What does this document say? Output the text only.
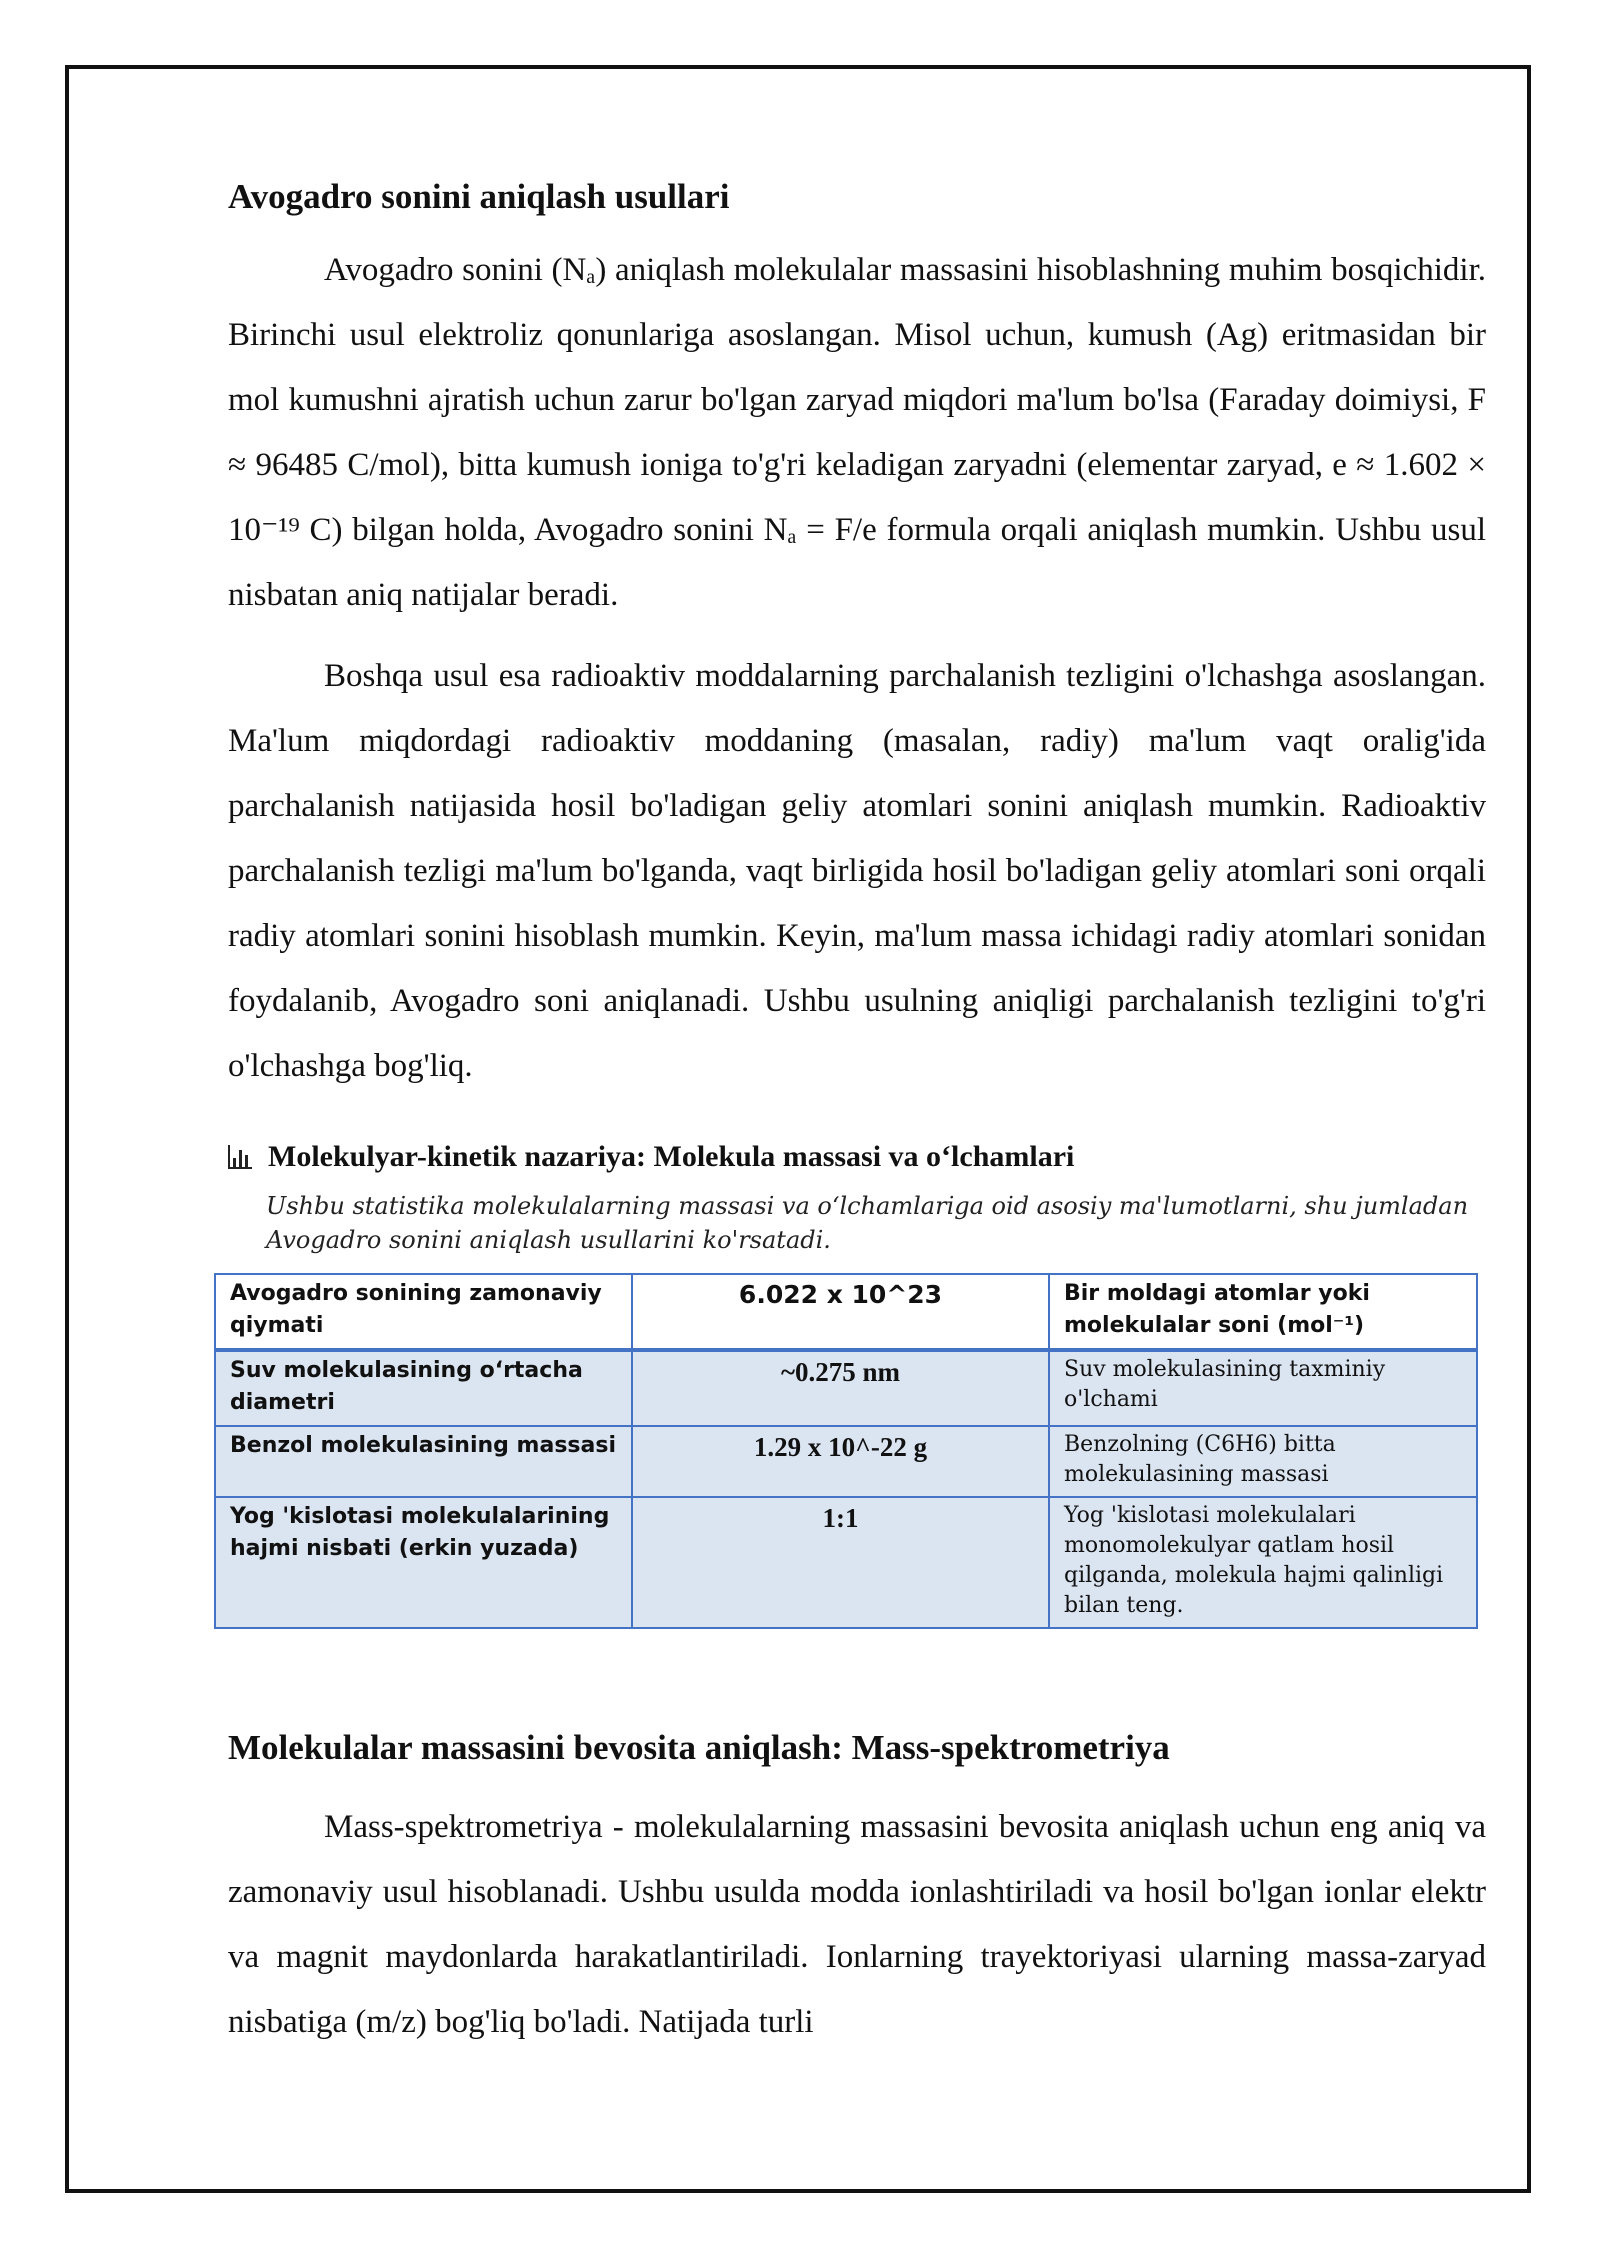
Avogadro sonini aniqlash usullari

Avogadro sonini (Nₐ) aniqlash molekulalar massasini hisoblashning muhim bosqichidir. Birinchi usul elektroliz qonunlariga asoslangan. Misol uchun, kumush (Ag) eritmasidan bir mol kumushni ajratish uchun zarur bo'lgan zaryad miqdori ma'lum bo'lsa (Faraday doimiysi, F ≈ 96485 C/mol), bitta kumush ioniga to'g'ri keladigan zaryadni (elementar zaryad, e ≈ 1.602 × 10⁻¹⁹ C) bilgan holda, Avogadro sonini Nₐ = F/e formula orqali aniqlash mumkin. Ushbu usul nisbatan aniq natijalar beradi.

Boshqa usul esa radioaktiv moddalarning parchalanish tezligini o'lchashga asoslangan. Ma'lum miqdordagi radioaktiv moddaning (masalan, radiy) ma'lum vaqt oralig'ida parchalanish natijasida hosil bo'ladigan geliy atomlari sonini aniqlash mumkin. Radioaktiv parchalanish tezligi ma'lum bo'lganda, vaqt birligida hosil bo'ladigan geliy atomlari soni orqali radiy atomlari sonini hisoblash mumkin. Keyin, ma'lum massa ichidagi radiy atomlari sonidan foydalanib, Avogadro soni aniqlanadi. Ushbu usulning aniqligi parchalanish tezligini to'g'ri o'lchashga bog'liq.

Molekulyar-kinetik nazariya: Molekula massasi va o‘lchamlari
Ushbu statistika molekulalarning massasi va o‘lchamlariga oid asosiy ma'lumotlarni, shu jumladan Avogadro sonini aniqlash usullarini ko'rsatadi.
Avogadro sonining zamonaviy qiymati	6.022 x 10^23	Bir moldagi atomlar yoki molekulalar soni (mol⁻¹)
Suv molekulasining o‘rtacha diametri	~0.275 nm	Suv molekulasining taxminiy o'lchami
Benzol molekulasining massasi	1.29 x 10^-22 g	Benzolning (C6H6) bitta molekulasining massasi
Yog 'kislotasi molekulalarining hajmi nisbati (erkin yuzada)	1:1	Yog 'kislotasi molekulalari monomolekulyar qatlam hosil qilganda, molekula hajmi qalinligi bilan teng.
Molekulalar massasini bevosita aniqlash: Mass-spektrometriya

Mass-spektrometriya - molekulalarning massasini bevosita aniqlash uchun eng aniq va zamonaviy usul hisoblanadi. Ushbu usulda modda ionlashtiriladi va hosil bo'lgan ionlar elektr va magnit maydonlarda harakatlantiriladi. Ionlarning trayektoriyasi ularning massa-zaryad nisbatiga (m/z) bog'liq bo'ladi. Natijada turli
